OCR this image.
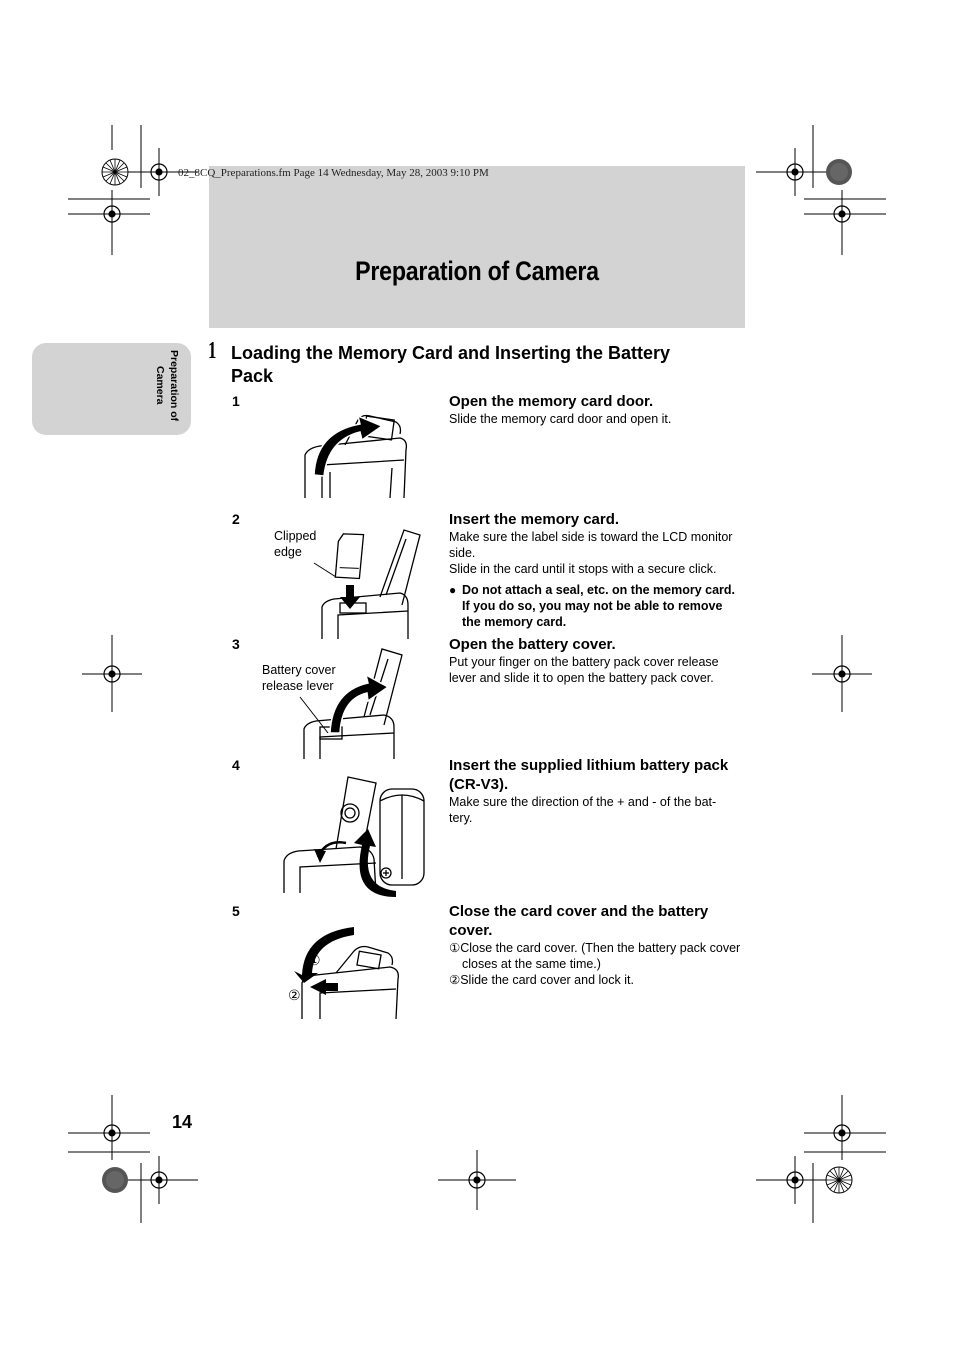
02_8CQ_Preparations.fm Page 14 Wednesday, May 28, 2003 9:10 PM
Preparation of Camera
Preparation of
Camera
1 Loading the Memory Card and Inserting the Battery
Pack
1	Open the memory card door.
Slide the memory card door and open it.
2	Insert the memory card.
Make sure the label side is toward the LCD monitor
side.
Slide in the card until it stops with a secure click.
● Do not attach a seal, etc. on the memory card.
If you do so, you may not be able to remove
the memory card.
Clipped
edge
3	Open the battery cover.
Put your finger on the battery pack cover release
lever and slide it to open the battery pack cover.
Battery cover
release lever
4	Insert the supplied lithium battery pack
(CR-V3).
Make sure the direction of the + and - of the bat-
tery.
5	Close the card cover and the battery
cover.
① Close the card cover. (Then the battery pack cover
closes at the same time.)
② Slide the card cover and lock it.
①
②
14
